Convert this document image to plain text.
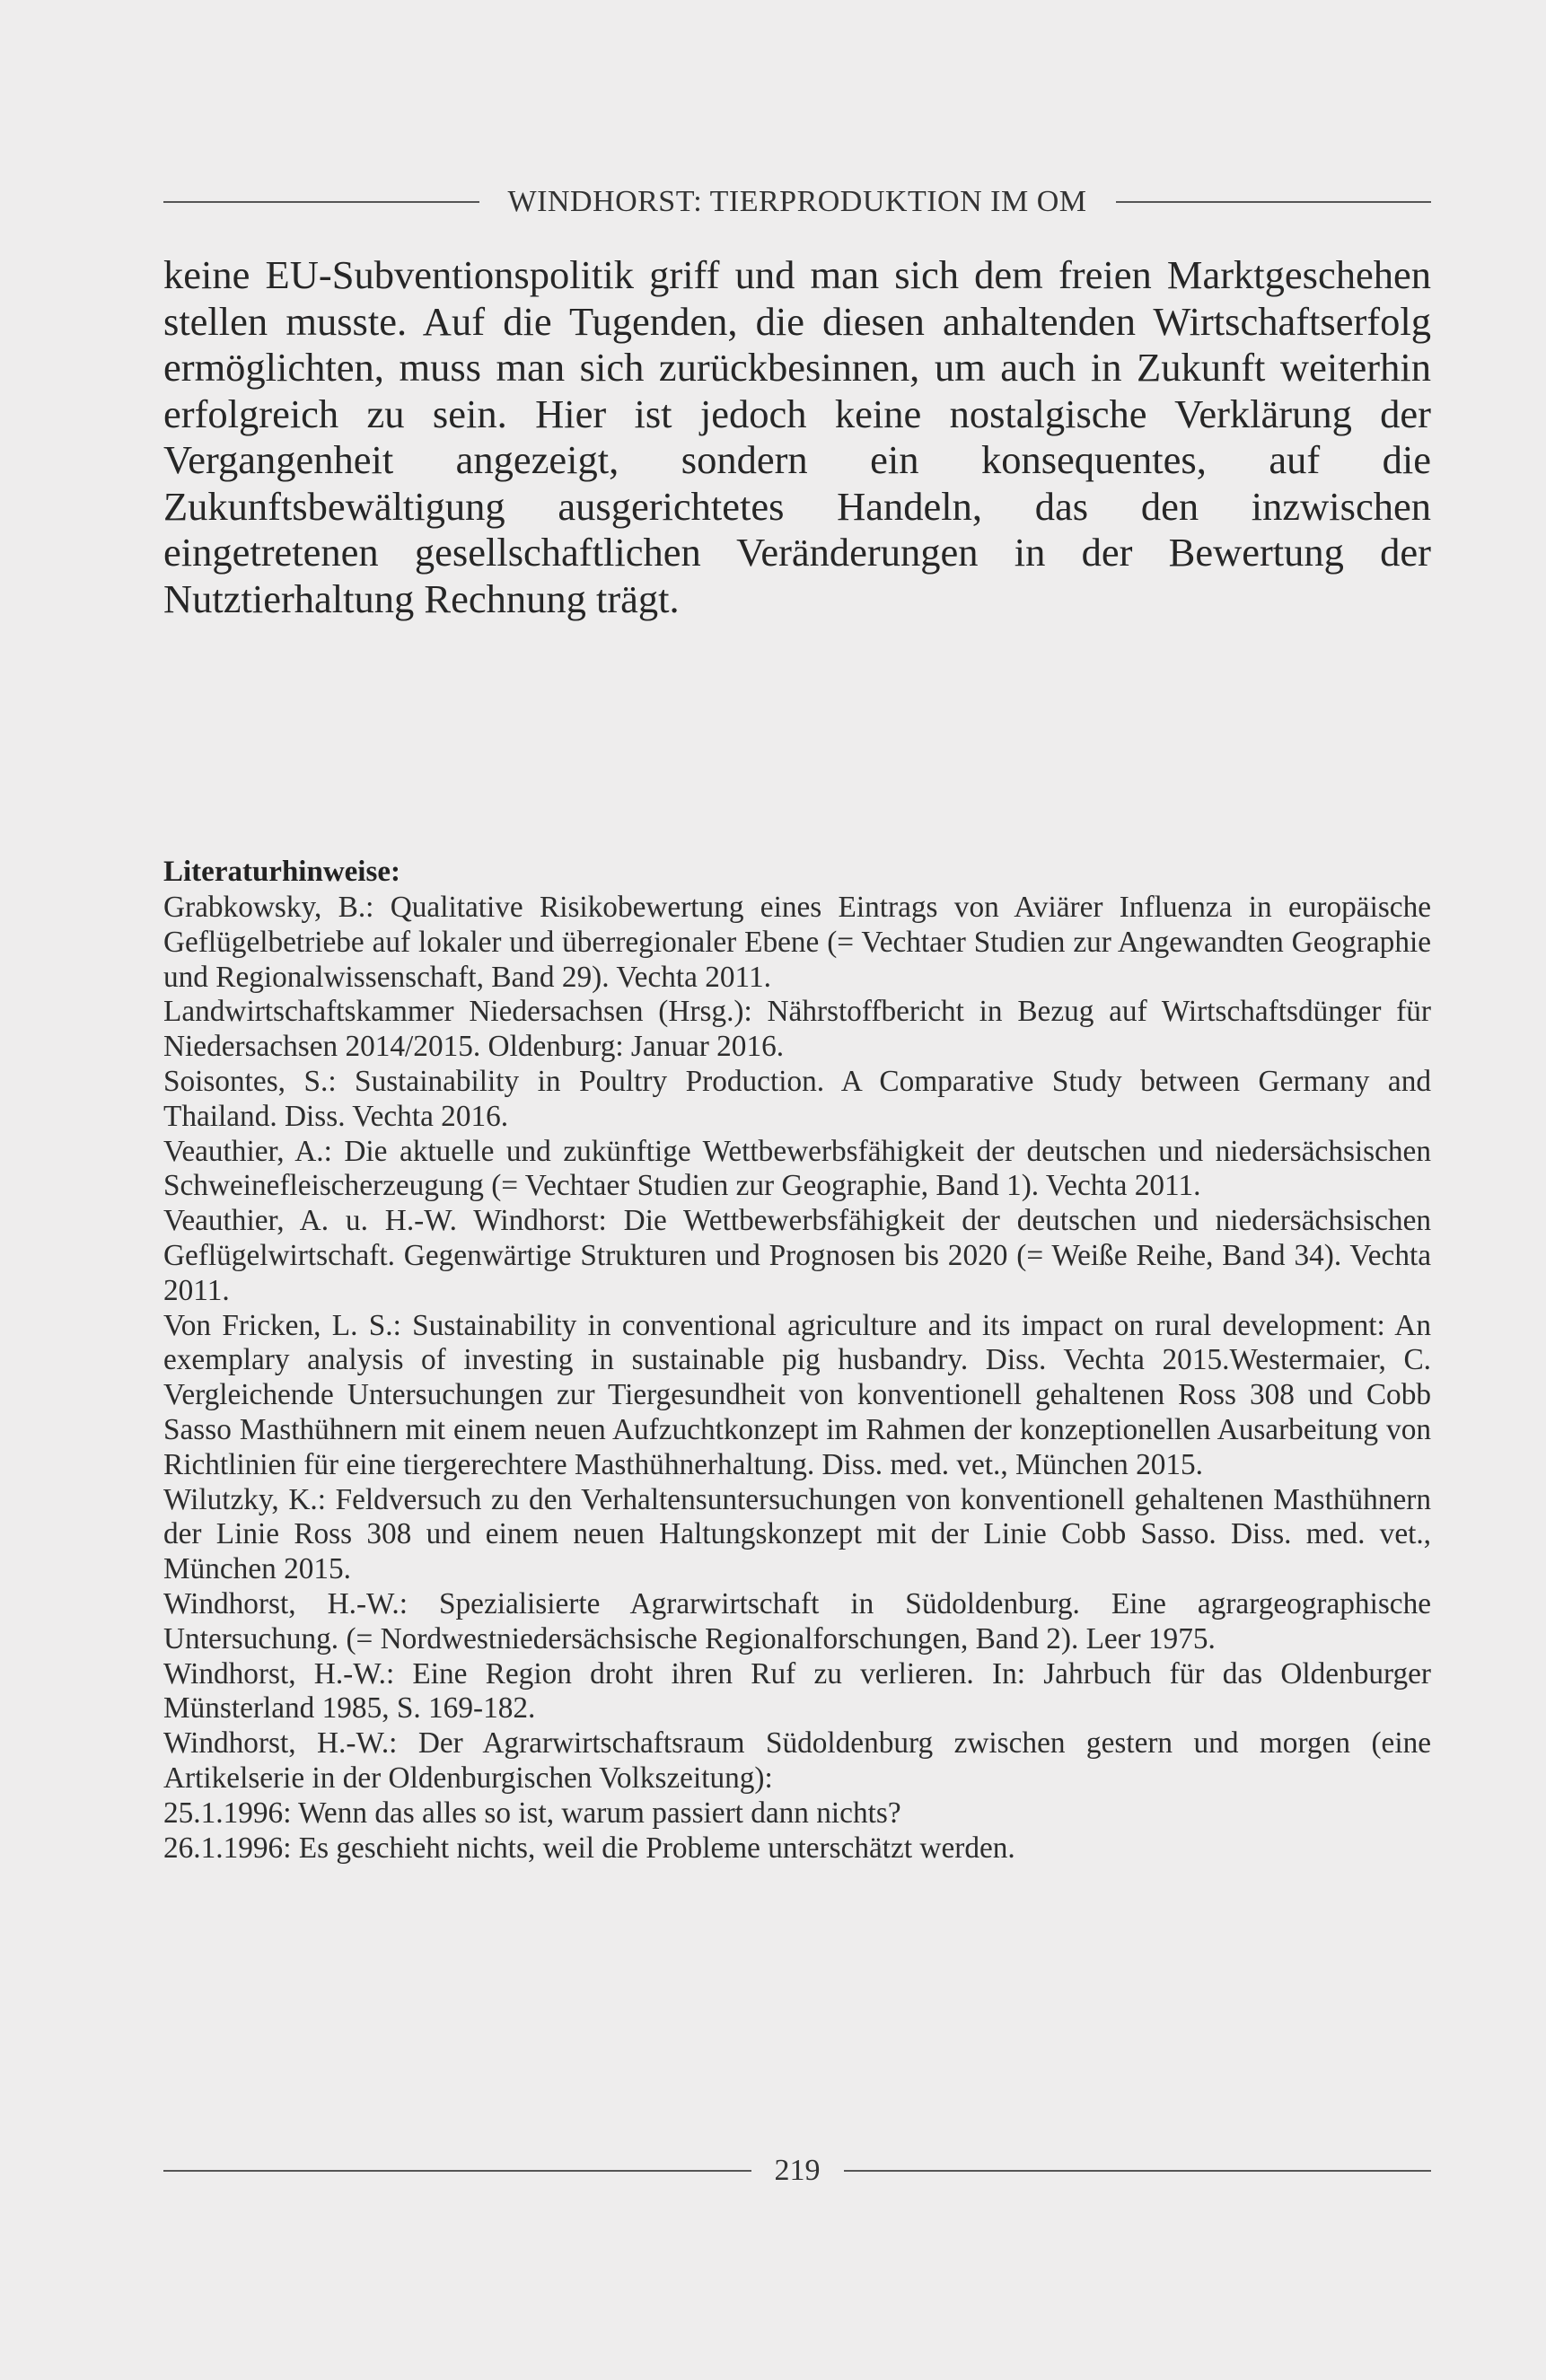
WINDHORST: TIERPRODUKTION IM OM

keine EU-Subventionspolitik griff und man sich dem freien Marktgeschehen stellen musste. Auf die Tugenden, die diesen anhaltenden Wirtschaftserfolg ermöglichten, muss man sich zurückbesinnen, um auch in Zukunft weiterhin erfolgreich zu sein. Hier ist jedoch keine nostalgische Verklärung der Vergangenheit angezeigt, sondern ein konsequentes, auf die Zukunftsbewältigung ausgerichtetes Handeln, das den inzwischen eingetretenen gesellschaftlichen Veränderungen in der Bewertung der Nutztierhaltung Rechnung trägt.

Literaturhinweise:
Grabkowsky, B.: Qualitative Risikobewertung eines Eintrags von Aviärer Influenza in europäische Geflügelbetriebe auf lokaler und überregionaler Ebene (= Vechtaer Studien zur Angewandten Geographie und Regionalwissenschaft, Band 29). Vechta 2011.
Landwirtschaftskammer Niedersachsen (Hrsg.): Nährstoffbericht in Bezug auf Wirtschaftsdünger für Niedersachsen 2014/2015. Oldenburg: Januar 2016.
Soisontes, S.: Sustainability in Poultry Production. A Comparative Study between Germany and Thailand. Diss. Vechta 2016.
Veauthier, A.: Die aktuelle und zukünftige Wettbewerbsfähigkeit der deutschen und niedersächsischen Schweinefleischerzeugung (= Vechtaer Studien zur Geographie, Band 1). Vechta 2011.
Veauthier, A. u. H.-W. Windhorst: Die Wettbewerbsfähigkeit der deutschen und niedersächsischen Geflügelwirtschaft. Gegenwärtige Strukturen und Prognosen bis 2020 (= Weiße Reihe, Band 34). Vechta 2011.
Von Fricken, L. S.: Sustainability in conventional agriculture and its impact on rural development: An exemplary analysis of investing in sustainable pig husbandry. Diss. Vechta 2015.Westermaier, C. Vergleichende Untersuchungen zur Tiergesundheit von konventionell gehaltenen Ross 308 und Cobb Sasso Masthühnern mit einem neuen Aufzuchtkonzept im Rahmen der konzeptionellen Ausarbeitung von Richtlinien für eine tiergerechtere Masthühnerhaltung. Diss. med. vet., München 2015.
Wilutzky, K.: Feldversuch zu den Verhaltensuntersuchungen von konventionell gehaltenen Masthühnern der Linie Ross 308 und einem neuen Haltungskonzept mit der Linie Cobb Sasso. Diss. med. vet., München 2015.
Windhorst, H.-W.: Spezialisierte Agrarwirtschaft in Südoldenburg. Eine agrargeographische Untersuchung. (= Nordwestniedersächsische Regionalforschungen, Band 2). Leer 1975.
Windhorst, H.-W.: Eine Region droht ihren Ruf zu verlieren. In: Jahrbuch für das Oldenburger Münsterland 1985, S. 169-182.
Windhorst, H.-W.: Der Agrarwirtschaftsraum Südoldenburg zwischen gestern und morgen (eine Artikelserie in der Oldenburgischen Volkszeitung):
25.1.1996: Wenn das alles so ist, warum passiert dann nichts?
26.1.1996: Es geschieht nichts, weil die Probleme unterschätzt werden.
219
